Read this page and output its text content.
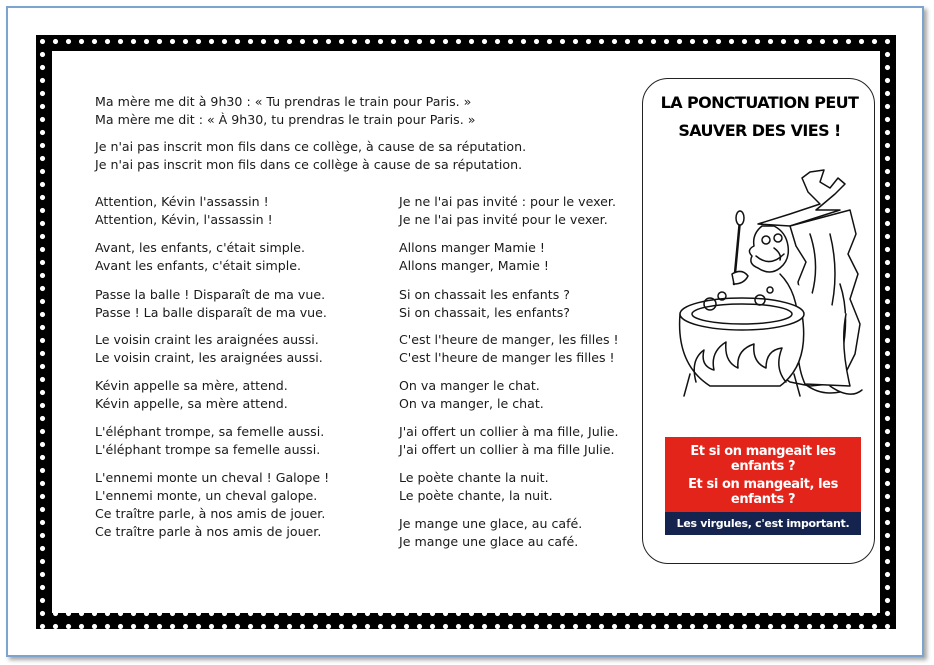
Ma mère me dit à 9h30 : « Tu prendras le train pour Paris. »
Ma mère me dit : « À 9h30, tu prendras le train pour Paris. »
Je n'ai pas inscrit mon fils dans ce collège, à cause de sa réputation.
Je n'ai pas inscrit mon fils dans ce collège à cause de sa réputation.
Attention, Kévin l'assassin !
Attention, Kévin, l'assassin !
Avant, les enfants, c'était simple.
Avant les enfants, c'était simple.
Passe la balle ! Disparaît de ma vue.
Passe ! La balle disparaît de ma vue.
Le voisin craint les araignées aussi.
Le voisin craint, les araignées aussi.
Kévin appelle sa mère, attend.
Kévin appelle, sa mère attend.
L'éléphant trompe, sa femelle aussi.
L'éléphant trompe sa femelle aussi.
L'ennemi monte un cheval ! Galope !
L'ennemi monte, un cheval galope.
Ce traître parle, à nos amis de jouer.
Ce traître parle à nos amis de jouer.
Je ne l'ai pas invité : pour le vexer.
Je ne l'ai pas invité pour le vexer.
Allons manger Mamie !
Allons manger, Mamie !
Si on chassait les enfants ?
Si on chassait, les enfants?
C'est l'heure de manger, les filles !
C'est l'heure de manger les filles !
On va manger le chat.
On va manger, le chat.
J'ai offert un collier à ma fille, Julie.
J'ai offert un collier à ma fille Julie.
Le poète chante la nuit.
Le poète chante, la nuit.
Je mange une glace, au café.
Je mange une glace au café.
LA PONCTUATION PEUT
SAUVER DES VIES !
Et si on mangeait les enfants ?
Et si on mangeait, les enfants ?
Les virgules, c'est important.
